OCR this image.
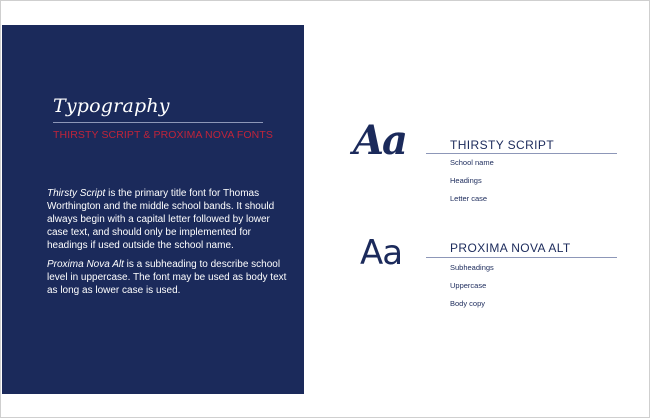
Typography
THIRSTY SCRIPT & PROXIMA NOVA FONTS

Thirsty Script is the primary title font for Thomas Worthington and the middle school bands. It should always begin with a capital letter followed by lower case text, and should only be implemented for headings if used outside the school name.

Proxima Nova Alt is a subheading to describe school level in uppercase. The font may be used as body text as long as lower case is used.

Aa	THIRSTY SCRIPT
School name
Headings
Letter case
Aa	PROXIMA NOVA ALT
Subheadings
Uppercase
Body copy
